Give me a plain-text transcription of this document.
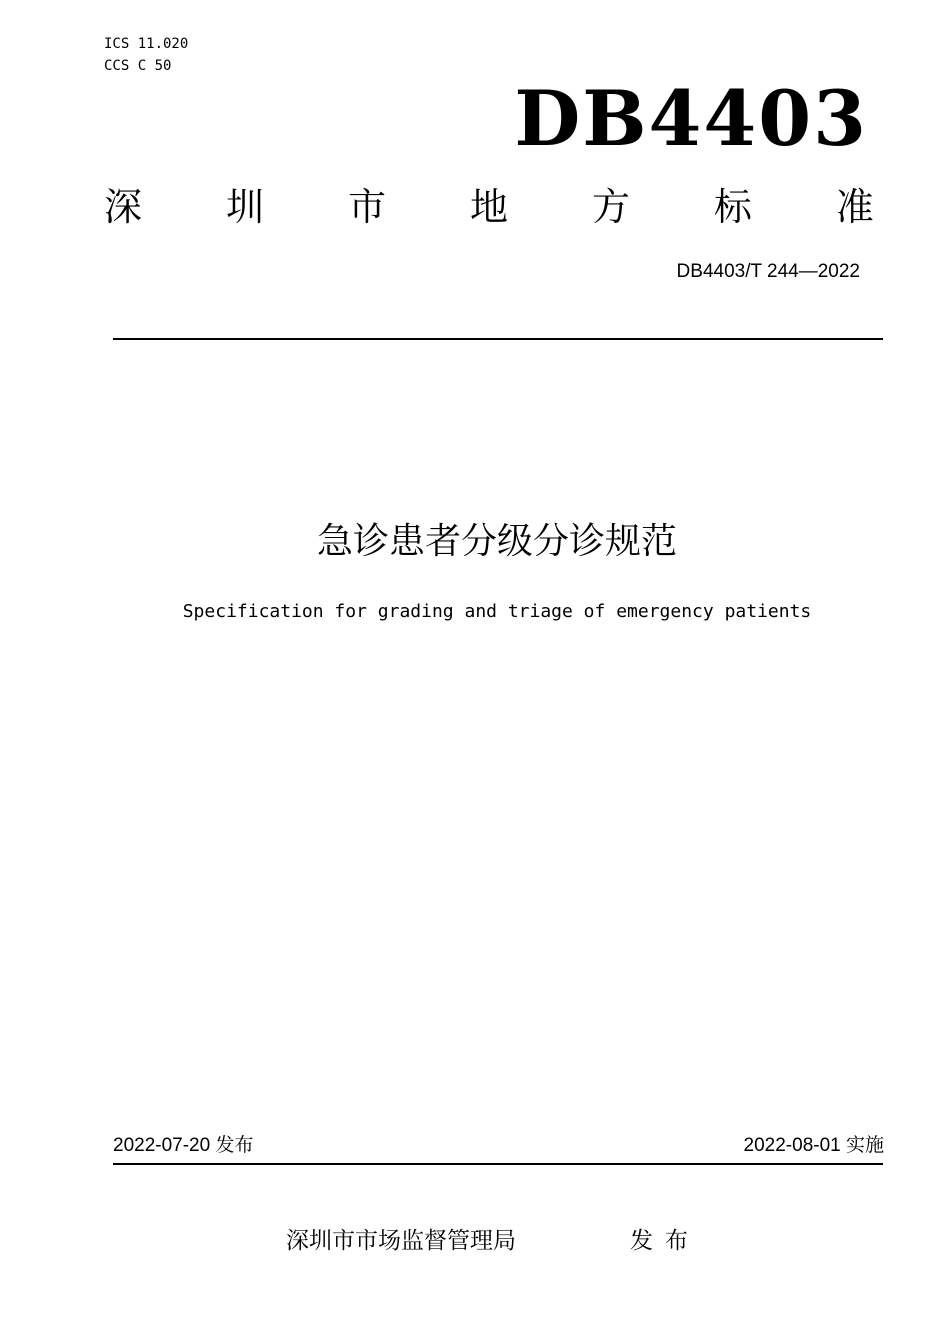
ICS 11.020
CCS C 50
DB4403
深 圳 市 地 方 标 准
DB4403/T 244—2022
急诊患者分级分诊规范
Specification for grading and triage of emergency patients
2022-07-20 发布	2022-08-01 实施
深圳市市场监督管理局	发布
